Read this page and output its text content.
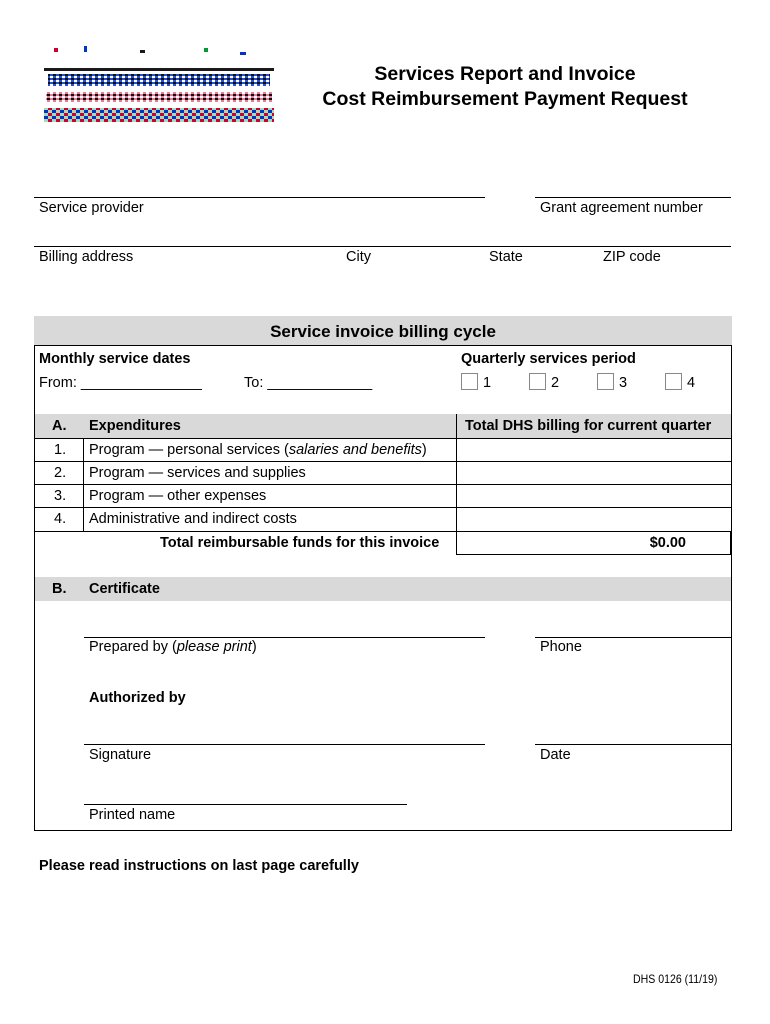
Services Report and Invoice
Cost Reimbursement Payment Request
Service provider	Grant agreement number
Billing address	City	State	ZIP code
Service invoice billing cycle
Monthly service dates
From: _______________	To: _____________
Quarterly services period
1	2	3	4
A. Expenditures	Total DHS billing for current quarter
1. Program — personal services (salaries and benefits)
2. Program — services and supplies
3. Program — other expenses
4. Administrative and indirect costs
Total reimbursable funds for this invoice	$0.00
B. Certificate
Prepared by (please print)	Phone
Authorized by
Signature	Date
Printed name
Please read instructions on last page carefully
DHS 0126 (11/19)
